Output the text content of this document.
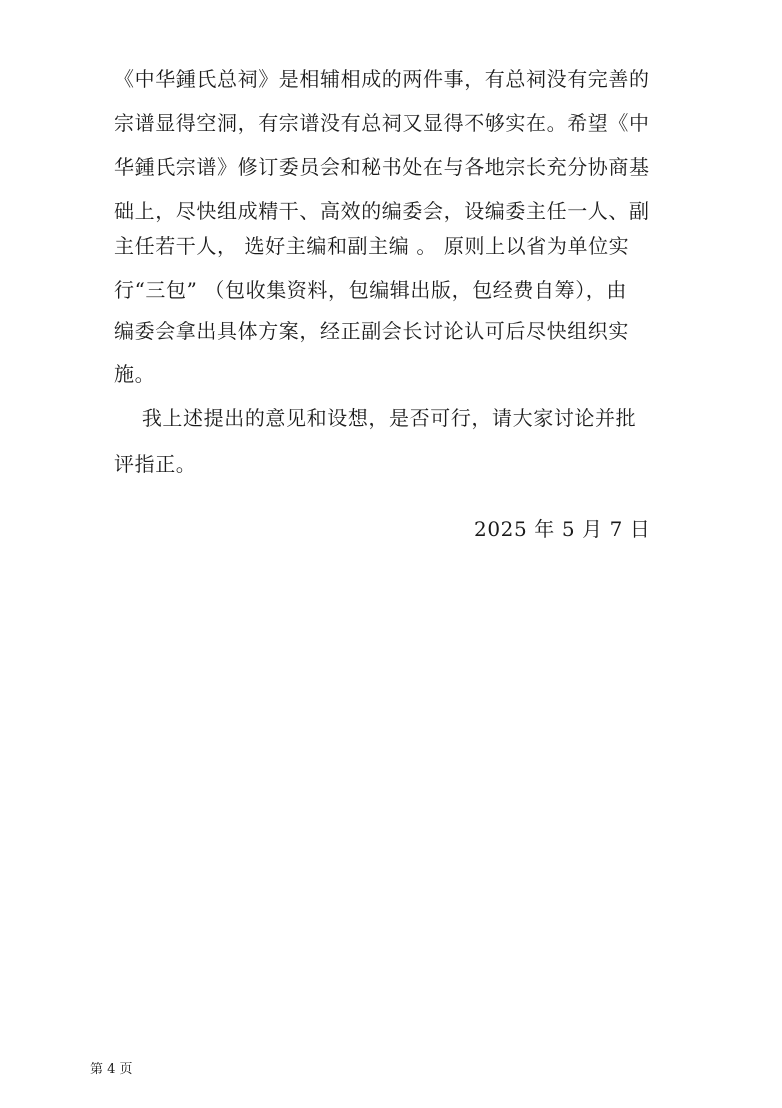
《中华鍾氏总祠》是相辅相成的两件事，有总祠没有完善的
宗谱显得空洞，有宗谱没有总祠又显得不够实在。希望《中
华鍾氏宗谱》修订委员会和秘书处在与各地宗长充分协商基
础上，尽快组成精干、高效的编委会，设编委主任一人、副
主任若干人， 选好主编和副主编 。 原则上以省为单位实
行“三包” （包收集资料，包编辑出版，包经费自筹），由
编委会拿出具体方案，经正副会长讨论认可后尽快组织实
施。
我上述提出的意见和设想，是否可行，请大家讨论并批
评指正。
2025 年 5 月 7 日
第 4 页
